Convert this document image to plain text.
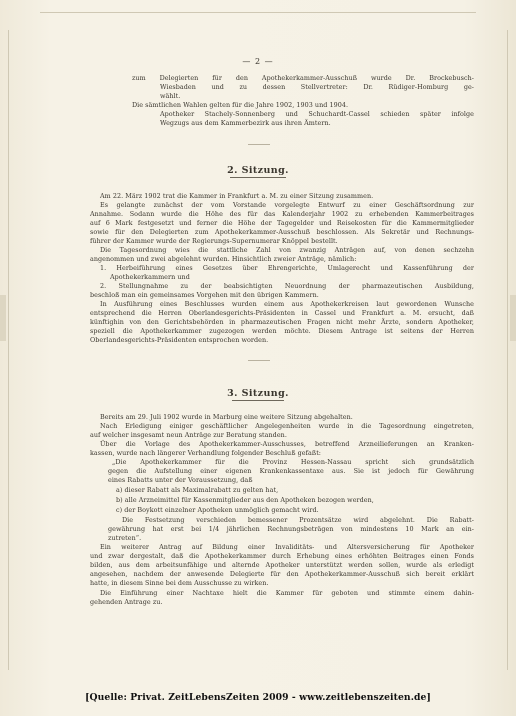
— 2 —
zum Delegierten für den Apothekerkammer-Ausschuß wurde Dr. Brockebusch-
Wiesbaden und zu dessen Stellvertreter: Dr. Rüdiger-Homburg ge-
wählt.
Die sämtlichen Wahlen gelten für die Jahre 1902, 1903 und 1904.
Apotheker Stachely-Sonnenberg und Schuchardt-Cassel schieden später infolge
Wegzugs aus dem Kammerbezirk aus ihren Ämtern.
2. Sitzung.
Am 22. März 1902 trat die Kammer in Frankfurt a. M. zu einer Sitzung zusammen.
Es gelangte zunächst der vom Vorstande vorgelegte Entwurf zu einer Geschäftsordnung zur
Annahme. Sodann wurde die Höhe des für das Kalenderjahr 1902 zu erhebenden Kammerbeitrages
auf 6 Mark festgesetzt und ferner die Höhe der Tagegelder und Reisekosten für die Kammermitglieder
sowie für den Delegierten zum Apothekerkammer-Ausschuß beschlossen. Als Sekretär und Rechnungs-
führer der Kammer wurde der Regierungs-Supernumerar Knöppel bestellt.
Die Tagesordnung wies die stattliche Zahl von zwanzig Anträgen auf, von denen sechzehn
angenommen und zwei abgelehnt wurden. Hinsichtlich zweier Anträge, nämlich:
1. Herbeiführung eines Gesetzes über Ehrengerichte, Umlagerecht und Kassenführung der
Apothekerkammern und
2. Stellungnahme zu der beabsichtigten Neuordnung der pharmazeutischen Ausbildung,
beschloß man ein gemeinsames Vorgehen mit den übrigen Kammern.
In Ausführung eines Beschlusses wurden einem aus Apothekerkreisen laut gewordenen Wunsche
entsprechend die Herren Oberlandesgerichts-Präsidenten in Cassel und Frankfurt a. M. ersucht, daß
künftighin von den Gerichtsbehörden in pharmazeutischen Fragen nicht mehr Ärzte, sondern Apotheker,
speziell die Apothekerkammer zugezogen werden möchte. Diesem Antrage ist seitens der Herren
Oberlandesgerichts-Präsidenten entsprochen worden.
3. Sitzung.
Bereits am 29. Juli 1902 wurde in Marburg eine weitere Sitzung abgehalten.
Nach Erledigung einiger geschäftlicher Angelegenheiten wurde in die Tagesordnung eingetreten,
auf welcher insgesamt neun Anträge zur Beratung standen.
Über die Vorlage des Apothekerkammer-Ausschusses, betreffend Arzneilieferungen an Kranken-
kassen, wurde nach längerer Verhandlung folgender Beschluß gefaßt:
„Die Apothekerkammer für die Provinz Hessen-Nassau spricht sich grundsätzlich
gegen die Aufstellung einer eigenen Krankenkassentaxe aus. Sie ist jedoch für Gewährung
eines Rabatts unter der Voraussetzung, daß
a) dieser Rabatt als Maximalrabatt zu gelten hat,
b) alle Arzneimittel für Kassenmitglieder aus den Apotheken bezogen werden,
c) der Boykott einzelner Apotheken unmöglich gemacht wird.
Die Festsetzung verschieden bemessener Prozentsätze wird abgelehnt. Die Rabatt-
gewährung hat erst bei 1/4 jährlichen Rechnungsbeträgen von mindestens 10 Mark an ein-
zutreten“.
Ein weiterer Antrag auf Bildung einer Invaliditäts- und Altersversicherung für Apotheker
und zwar dergestalt, daß die Apothekerkammer durch Erhebung eines erhöhten Beitrages einen Fonds
bilden, aus dem arbeitsunfähige und alternde Apotheker unterstützt werden sollen, wurde als erledigt
angesehen, nachdem der anwesende Delegierte für den Apothekerkammer-Ausschuß sich bereit erklärt
hatte, in diesem Sinne bei dem Ausschusse zu wirken.
Die Einführung einer Nachtaxe hielt die Kammer für geboten und stimmte einem dahin-
gehenden Antrage zu.
[Quelle: Privat. ZeitLebensZeiten 2009 - www.zeitlebenszeiten.de]
